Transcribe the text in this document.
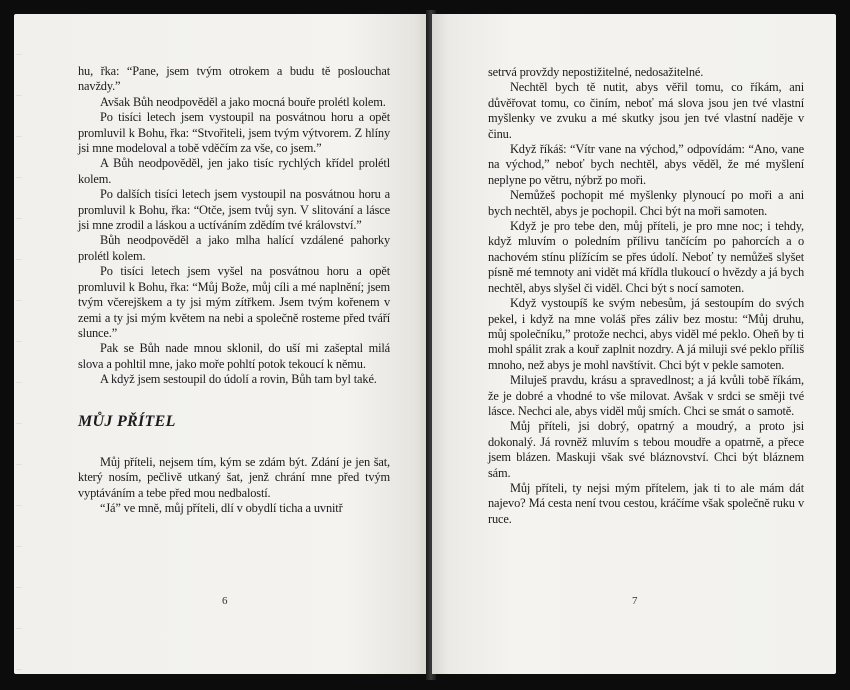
hu, řka: “Pane, jsem tvým otrokem a budu tě poslouchat navždy.”

Avšak Bůh neodpověděl a jako mocná bouře prolétl kolem.

Po tisíci letech jsem vystoupil na posvátnou horu a opět promluvil k Bohu, řka: “Stvořiteli, jsem tvým výtvorem. Z hlíny jsi mne modeloval a tobě vděčím za vše, co jsem.”

A Bůh neodpověděl, jen jako tisíc rychlých křídel prolétl kolem.

Po dalších tisíci letech jsem vystoupil na posvátnou horu a promluvil k Bohu, řka: “Otče, jsem tvůj syn. V slitování a lásce jsi mne zrodil a láskou a uctíváním zdědím tvé království.”

Bůh neodpověděl a jako mlha halící vzdálené pahorky prolétl kolem.

Po tisíci letech jsem vyšel na posvátnou horu a opět promluvil k Bohu, řka: “Můj Bože, můj cíli a mé naplnění; jsem tvým včerejškem a ty jsi mým zítřkem. Jsem tvým kořenem v zemi a ty jsi mým květem na nebi a společně rosteme před tváří slunce.”

Pak se Bůh nade mnou sklonil, do uší mi zašeptal milá slova a pohltil mne, jako moře pohltí potok tekoucí k němu.

A když jsem sestoupil do údolí a rovin, Bůh tam byl také.

MŮJ PŘÍTEL

Můj příteli, nejsem tím, kým se zdám být. Zdání je jen šat, který nosím, pečlivě utkaný šat, jenž chrání mne před tvým vyptáváním a tebe před mou nedbalostí.

“Já” ve mně, můj příteli, dlí v obydlí ticha a uvnitř

6

setrvá provždy nepostižitelné, nedosažitelné.

Nechtěl bych tě nutit, abys věřil tomu, co říkám, ani důvěřovat tomu, co činím, neboť má slova jsou jen tvé vlastní myšlenky ve zvuku a mé skutky jsou jen tvé vlastní naděje v činu.

Když říkáš: “Vítr vane na východ,” odpovídám: “Ano, vane na východ,” neboť bych nechtěl, abys věděl, že mé myšlení neplyne po větru, nýbrž po moři.

Nemůžeš pochopit mé myšlenky plynoucí po moři a ani bych nechtěl, abys je pochopil. Chci být na moři samoten.

Když je pro tebe den, můj příteli, je pro mne noc; i tehdy, když mluvím o poledním přílivu tančícím po pahorcích a o nachovém stínu plížícím se přes údolí. Neboť ty nemůžeš slyšet písně mé temnoty ani vidět má křídla tlukoucí o hvězdy a já bych nechtěl, abys slyšel či viděl. Chci být s nocí samoten.

Když vystoupíš ke svým nebesům, já sestoupím do svých pekel, i když na mne voláš přes záliv bez mostu: “Můj druhu, můj společníku,” protože nechci, abys viděl mé peklo. Oheň by ti mohl spálit zrak a kouř zaplnit nozdry. A já miluji své peklo příliš mnoho, než abys je mohl navštívit. Chci být v pekle samoten.

Miluješ pravdu, krásu a spravedlnost; a já kvůli tobě říkám, že je dobré a vhodné to vše milovat. Avšak v srdci se směji tvé lásce. Nechci ale, abys viděl můj smích. Chci se smát o samotě.

Můj příteli, jsi dobrý, opatrný a moudrý, a proto jsi dokonalý. Já rovněž mluvím s tebou moudře a opatrně, a přece jsem blázen. Maskuji však své bláznovství. Chci být bláznem sám.

Můj příteli, ty nejsi mým přítelem, jak ti to ale mám dát najevo? Má cesta není tvou cestou, kráčíme však společně ruku v ruce.

7
